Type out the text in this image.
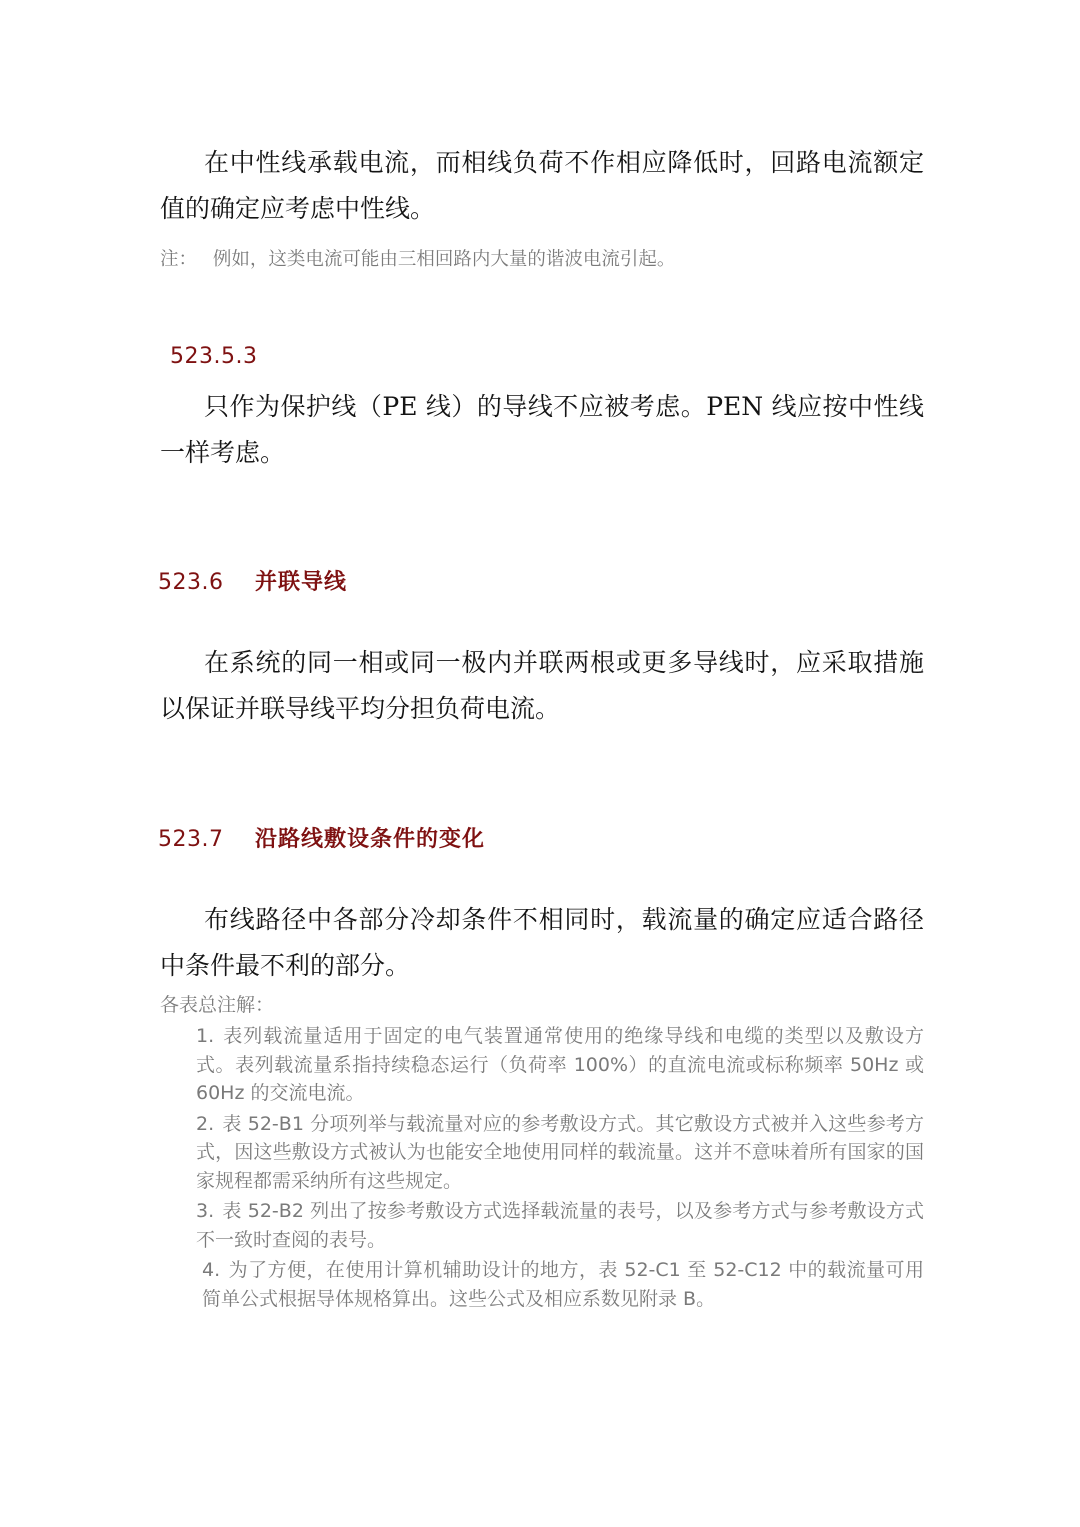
在中性线承载电流，而相线负荷不作相应降低时，回路电流额定值的确定应考虑中性线。

注： 例如，这类电流可能由三相回路内大量的谐波电流引起。

523.5.3

只作为保护线（PE 线）的导线不应被考虑。PEN 线应按中性线一样考虑。

523.6 并联导线

在系统的同一相或同一极内并联两根或更多导线时，应采取措施以保证并联导线平均分担负荷电流。

523.7 沿路线敷设条件的变化

布线路径中各部分冷却条件不相同时，载流量的确定应适合路径中条件最不利的部分。

各表总注解：

1. 表列载流量适用于固定的电气装置通常使用的绝缘导线和电缆的类型以及敷设方式。表列载流量系指持续稳态运行（负荷率 100%）的直流电流或标称频率 50Hz 或 60Hz 的交流电流。
2. 表 52-B1 分项列举与载流量对应的参考敷设方式。其它敷设方式被并入这些参考方式，因这些敷设方式被认为也能安全地使用同样的载流量。这并不意味着所有国家的国家规程都需采纳所有这些规定。
3. 表 52-B2 列出了按参考敷设方式选择载流量的表号，以及参考方式与参考敷设方式不一致时查阅的表号。
4. 为了方便，在使用计算机辅助设计的地方，表 52-C1 至 52-C12 中的载流量可用简单公式根据导体规格算出。这些公式及相应系数见附录 B。
